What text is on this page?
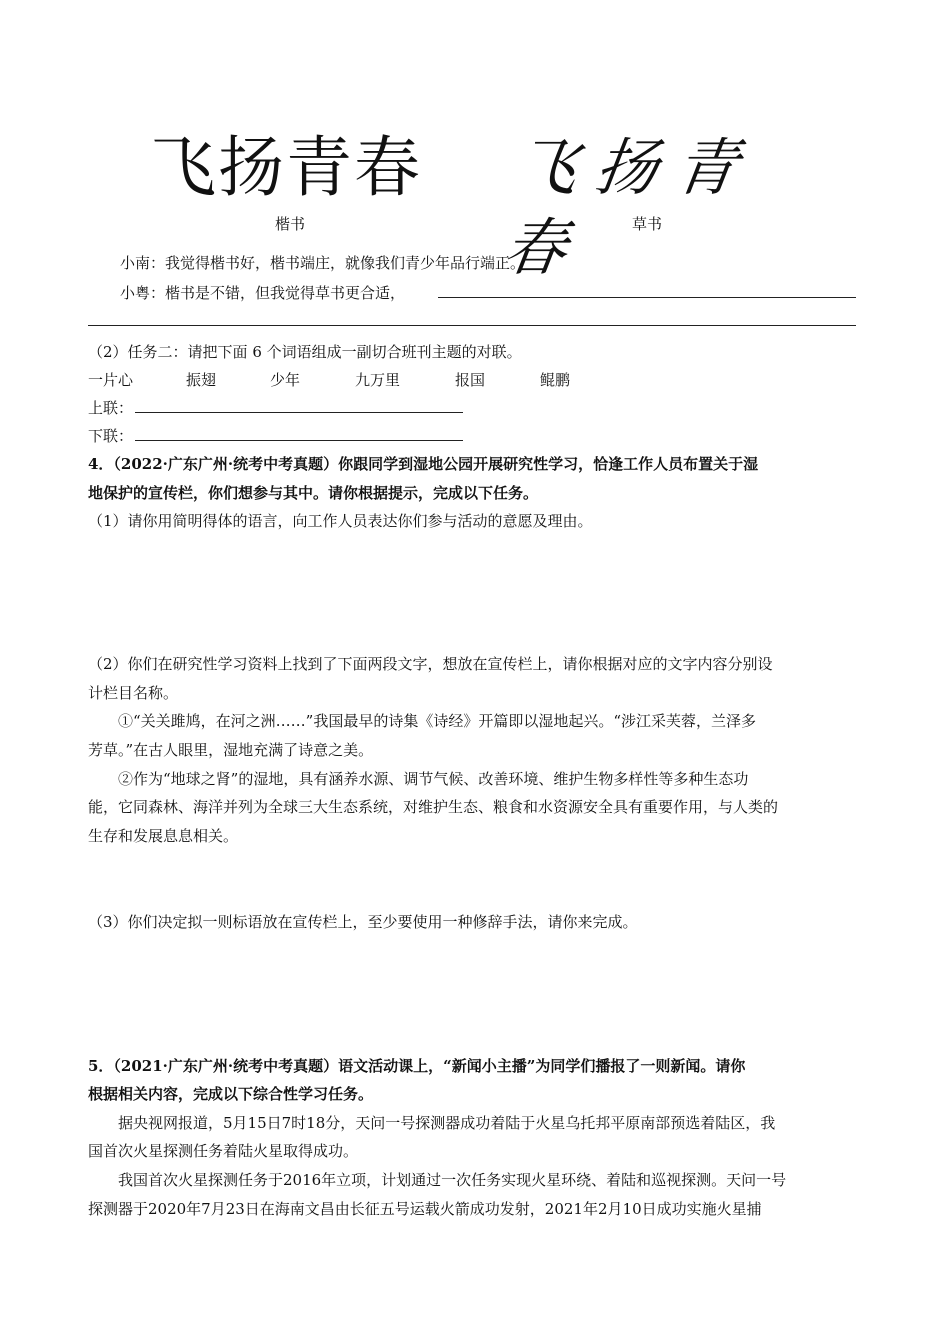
飞扬青春	飞扬青春
楷书	草书
小南：我觉得楷书好，楷书端庄，就像我们青少年品行端正。
小粤：楷书是不错，但我觉得草书更合适，
（2）任务二：请把下面 6 个词语组成一副切合班刊主题的对联。
一片心	振翅	少年	九万里	报国	鲲鹏
上联：
下联：
4．（2022·广东广州·统考中考真题）你跟同学到湿地公园开展研究性学习，恰逢工作人员布置关于湿
地保护的宣传栏，你们想参与其中。请你根据提示，完成以下任务。
（1）请你用简明得体的语言，向工作人员表达你们参与活动的意愿及理由。
（2）你们在研究性学习资料上找到了下面两段文字，想放在宣传栏上，请你根据对应的文字内容分别设
计栏目名称。
①“关关雎鸠，在河之洲……”我国最早的诗集《诗经》开篇即以湿地起兴。“涉江采芙蓉，兰泽多
芳草。”在古人眼里，湿地充满了诗意之美。
②作为“地球之肾”的湿地，具有涵养水源、调节气候、改善环境、维护生物多样性等多种生态功
能，它同森林、海洋并列为全球三大生态系统，对维护生态、粮食和水资源安全具有重要作用，与人类的
生存和发展息息相关。
（3）你们决定拟一则标语放在宣传栏上，至少要使用一种修辞手法，请你来完成。
5．（2021·广东广州·统考中考真题）语文活动课上，“新闻小主播”为同学们播报了一则新闻。请你
根据相关内容，完成以下综合性学习任务。
据央视网报道，5月15日7时18分，天问一号探测器成功着陆于火星乌托邦平原南部预选着陆区，我
国首次火星探测任务着陆火星取得成功。
我国首次火星探测任务于2016年立项，计划通过一次任务实现火星环绕、着陆和巡视探测。天问一号
探测器于2020年7月23日在海南文昌由长征五号运载火箭成功发射，2021年2月10日成功实施火星捕
